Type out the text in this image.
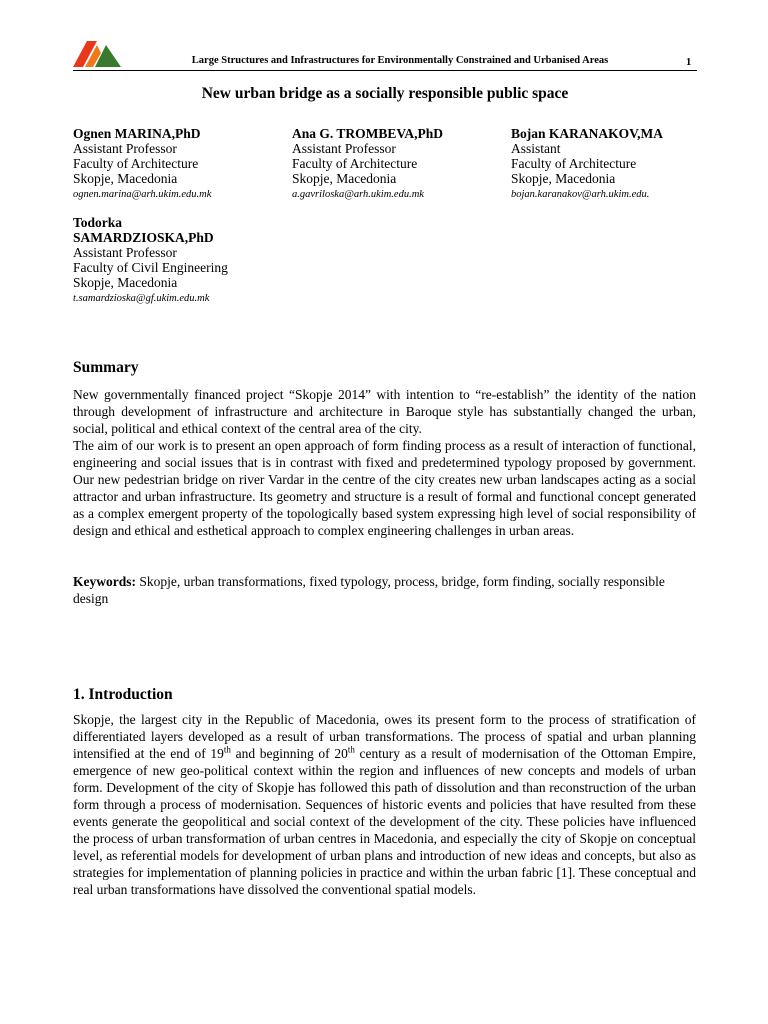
Large Structures and Infrastructures for Environmentally Constrained and Urbanised Areas	1
New urban bridge as a socially responsible public space
Ognen MARINA,PhD
Assistant Professor
Faculty of Architecture
Skopje, Macedonia
ognen.marina@arh.ukim.edu.mk
Ana G. TROMBEVA,PhD
Assistant Professor
Faculty of Architecture
Skopje, Macedonia
a.gavriloska@arh.ukim.edu.mk
Bojan KARANAKOV,MA
Assistant
Faculty of Architecture
Skopje, Macedonia
bojan.karanakov@arh.ukim.edu.
Todorka
SAMARDZIOSKA,PhD
Assistant Professor
Faculty of Civil Engineering
Skopje, Macedonia
t.samardzioska@gf.ukim.edu.mk
Summary

New governmentally financed project “Skopje 2014” with intention to “re-establish” the identity of the nation through development of infrastructure and architecture in Baroque style has substantially changed the urban, social, political and ethical context of the central area of the city.

The aim of our work is to present an open approach of form finding process as a result of interaction of functional, engineering and social issues that is in contrast with fixed and predetermined typology proposed by government. Our new pedestrian bridge on river Vardar in the centre of the city creates new urban landscapes acting as a social attractor and urban infrastructure. Its geometry and structure is a result of formal and functional concept generated as a complex emergent property of the topologically based system expressing high level of social responsibility of design and ethical and esthetical approach to complex engineering challenges in urban areas.

Keywords: Skopje, urban transformations, fixed typology, process, bridge, form finding, socially responsible design
1. Introduction

Skopje, the largest city in the Republic of Macedonia, owes its present form to the process of stratification of differentiated layers developed as a result of urban transformations. The process of spatial and urban planning intensified at the end of 19th and beginning of 20th century as a result of modernisation of the Ottoman Empire, emergence of new geo-political context within the region and influences of new concepts and models of urban form. Development of the city of Skopje has followed this path of dissolution and than reconstruction of the urban form through a process of modernisation. Sequences of historic events and policies that have resulted from these events generate the geopolitical and social context of the development of the city. These policies have influenced the process of urban transformation of urban centres in Macedonia, and especially the city of Skopje on conceptual level, as referential models for development of urban plans and introduction of new ideas and concepts, but also as strategies for implementation of planning policies in practice and within the urban fabric [1]. These conceptual and real urban transformations have dissolved the conventional spatial models.
